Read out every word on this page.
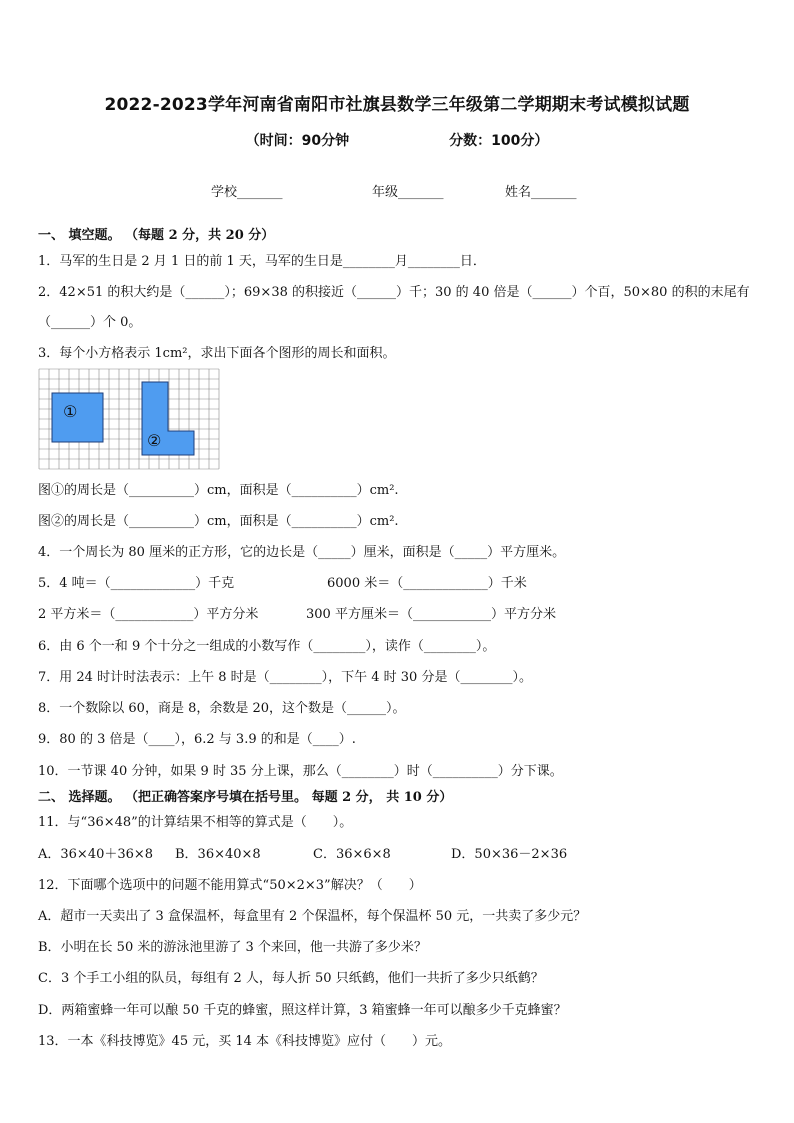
2022-2023学年河南省南阳市社旗县数学三年级第二学期期末考试模拟试题
（时间：90分钟	分数：100分）
学校_______	年级_______	姓名_______
一、 填空题。 （每题 2 分，共 20 分）
1．马军的生日是 2 月 1 日的前 1 天，马军的生日是________月________日．
2．42×51 的积大约是（______）；69×38 的积接近（______）千；30 的 40 倍是（______）个百，50×80 的积的末尾有
（______）个 0。
3．每个小方格表示 1cm²，求出下面各个图形的周长和面积。
①
②
图①的周长是（__________）cm，面积是（__________）cm².
图②的周长是（__________）cm，面积是（__________）cm².
4．一个周长为 80 厘米的正方形，它的边长是（_____）厘米，面积是（_____）平方厘米。
5．4 吨＝（_____________）千克	6000 米＝（_____________）千米
2 平方米＝（____________）平方分米	300 平方厘米＝（____________）平方分米
6．由 6 个一和 9 个十分之一组成的小数写作（________），读作（________）。
7．用 24 时计时法表示：上午 8 时是（________），下午 4 时 30 分是（________）。
8．一个数除以 60，商是 8，余数是 20，这个数是（______）。
9．80 的 3 倍是（____），6.2 与 3.9 的和是（____）.
10．一节课 40 分钟，如果 9 时 35 分上课，那么（________）时（__________）分下课。
二、 选择题。 （把正确答案序号填在括号里。 每题 2 分， 共 10 分）
11．与“36×48”的计算结果不相等的算式是（　　）。
A．36×40＋36×8 B．36×40×8	C．36×6×8	D．50×36－2×36
12．下面哪个选项中的问题不能用算式“50×2×3”解决？（　　）
A．超市一天卖出了 3 盒保温杯，每盒里有 2 个保温杯，每个保温杯 50 元，一共卖了多少元？
B．小明在长 50 米的游泳池里游了 3 个来回，他一共游了多少米？
C．3 个手工小组的队员，每组有 2 人，每人折 50 只纸鹤，他们一共折了多少只纸鹤？
D．两箱蜜蜂一年可以酿 50 千克的蜂蜜，照这样计算，3 箱蜜蜂一年可以酿多少千克蜂蜜？
13．一本《科技博览》45 元，买 14 本《科技博览》应付（　　）元。
